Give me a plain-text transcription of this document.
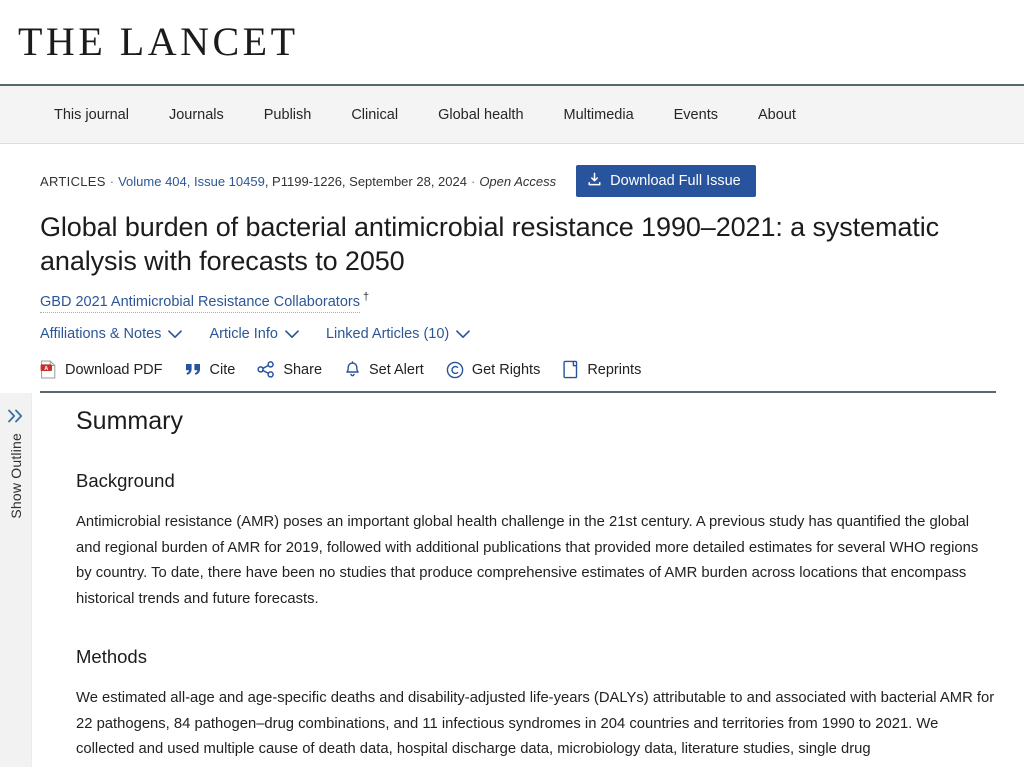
THE LANCET
This journal	Journals	Publish	Clinical	Global health	Multimedia	Events	About
ARTICLES · Volume 404, Issue 10459, P1199-1226, September 28, 2024 · Open Access	Download Full Issue
Global burden of bacterial antimicrobial resistance 1990–2021: a systematic analysis with forecasts to 2050
GBD 2021 Antimicrobial Resistance Collaborators †
Affiliations & Notes	Article Info	Linked Articles (10)
A Download PDF	Cite	Share	Set Alert	Get Rights	Reprints
Show Outline
Summary
Background

Antimicrobial resistance (AMR) poses an important global health challenge in the 21st century. A previous study has quantified the global and regional burden of AMR for 2019, followed with additional publications that provided more detailed estimates for several WHO regions by country. To date, there have been no studies that produce comprehensive estimates of AMR burden across locations that encompass historical trends and future forecasts.

Methods

We estimated all-age and age-specific deaths and disability-adjusted life-years (DALYs) attributable to and associated with bacterial AMR for 22 pathogens, 84 pathogen–drug combinations, and 11 infectious syndromes in 204 countries and territories from 1990 to 2021. We collected and used multiple cause of death data, hospital discharge data, microbiology data, literature studies, single drug
